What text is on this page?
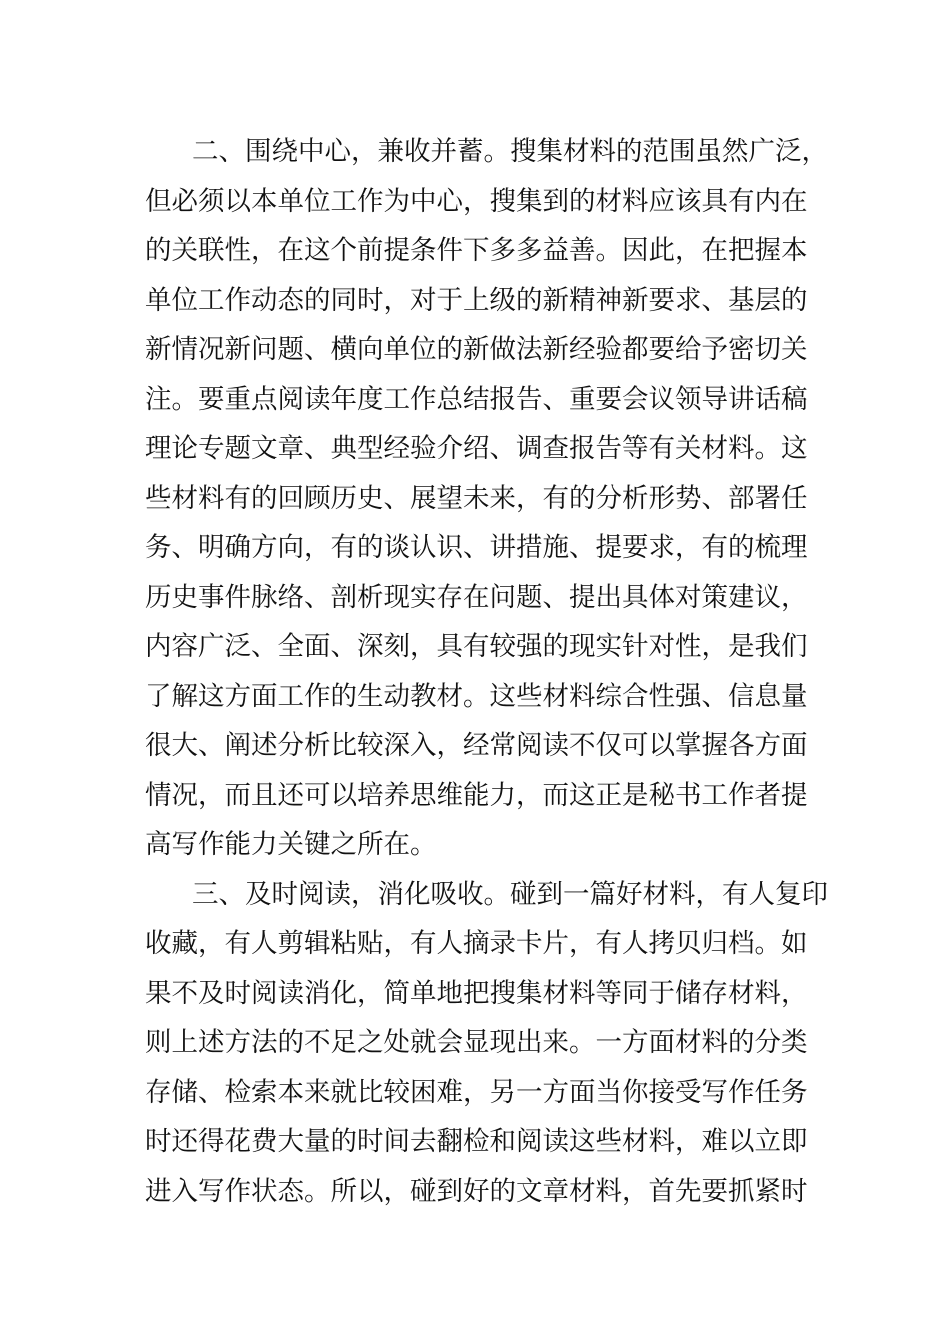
二、围绕中心，兼收并蓄。搜集材料的范围虽然广泛，
但必须以本单位工作为中心，搜集到的材料应该具有内在
的关联性，在这个前提条件下多多益善。因此，在把握本
单位工作动态的同时，对于上级的新精神新要求、基层的
新情况新问题、横向单位的新做法新经验都要给予密切关
注。要重点阅读年度工作总结报告、重要会议领导讲话稿
理论专题文章、典型经验介绍、调查报告等有关材料。这
些材料有的回顾历史、展望未来，有的分析形势、部署任
务、明确方向，有的谈认识、讲措施、提要求，有的梳理
历史事件脉络、剖析现实存在问题、提出具体对策建议，
内容广泛、全面、深刻，具有较强的现实针对性，是我们
了解这方面工作的生动教材。这些材料综合性强、信息量
很大、阐述分析比较深入，经常阅读不仅可以掌握各方面
情况，而且还可以培养思维能力，而这正是秘书工作者提
高写作能力关键之所在。
三、及时阅读，消化吸收。碰到一篇好材料，有人复印
收藏，有人剪辑粘贴，有人摘录卡片，有人拷贝归档。如
果不及时阅读消化，简单地把搜集材料等同于储存材料，
则上述方法的不足之处就会显现出来。一方面材料的分类
存储、检索本来就比较困难，另一方面当你接受写作任务
时还得花费大量的时间去翻检和阅读这些材料，难以立即
进入写作状态。所以，碰到好的文章材料，首先要抓紧时
